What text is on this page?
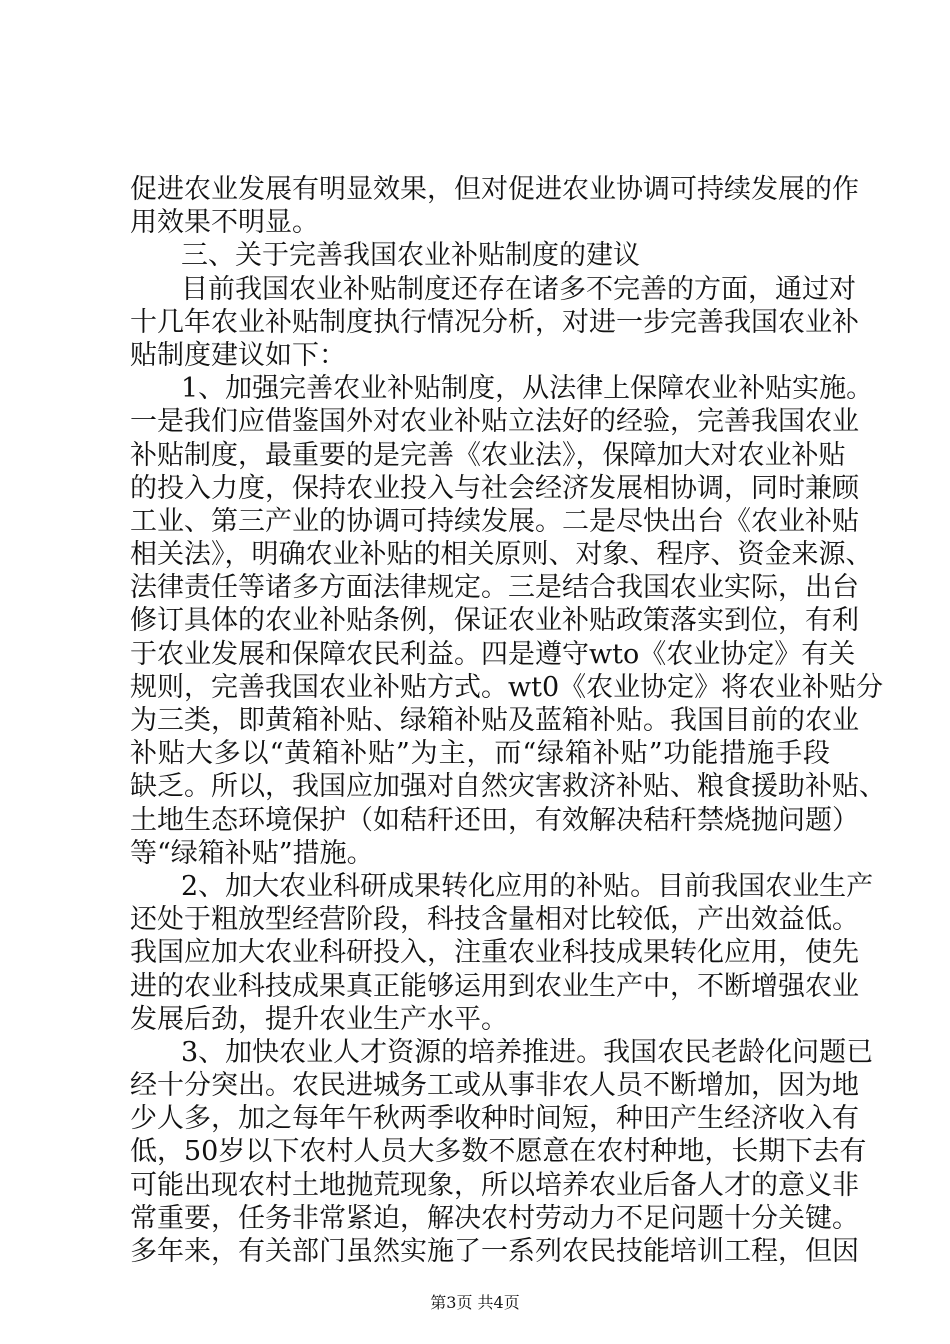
促进农业发展有明显效果，但对促进农业协调可持续发展的作
用效果不明显。
三、关于完善我国农业补贴制度的建议
目前我国农业补贴制度还存在诸多不完善的方面，通过对
十几年农业补贴制度执行情况分析，对进一步完善我国农业补
贴制度建议如下：
1、加强完善农业补贴制度，从法律上保障农业补贴实施。
一是我们应借鉴国外对农业补贴立法好的经验，完善我国农业
补贴制度，最重要的是完善《农业法》，保障加大对农业补贴
的投入力度，保持农业投入与社会经济发展相协调，同时兼顾
工业、第三产业的协调可持续发展。二是尽快出台《农业补贴
相关法》，明确农业补贴的相关原则、对象、程序、资金来源、
法律责任等诸多方面法律规定。三是结合我国农业实际，出台
修订具体的农业补贴条例，保证农业补贴政策落实到位，有利
于农业发展和保障农民利益。四是遵守wto《农业协定》有关
规则，完善我国农业补贴方式。wt0《农业协定》将农业补贴分
为三类，即黄箱补贴、绿箱补贴及蓝箱补贴。我国目前的农业
补贴大多以“黄箱补贴”为主，而“绿箱补贴”功能措施手段
缺乏。所以，我国应加强对自然灾害救济补贴、粮食援助补贴、
土地生态环境保护（如秸秆还田，有效解决秸秆禁烧抛问题）
等“绿箱补贴”措施。
2、加大农业科研成果转化应用的补贴。目前我国农业生产
还处于粗放型经营阶段，科技含量相对比较低，产出效益低。
我国应加大农业科研投入，注重农业科技成果转化应用，使先
进的农业科技成果真正能够运用到农业生产中，不断增强农业
发展后劲，提升农业生产水平。
3、加快农业人才资源的培养推进。我国农民老龄化问题已
经十分突出。农民进城务工或从事非农人员不断增加，因为地
少人多，加之每年午秋两季收种时间短，种田产生经济收入有
低，50岁以下农村人员大多数不愿意在农村种地，长期下去有
可能出现农村土地抛荒现象，所以培养农业后备人才的意义非
常重要，任务非常紧迫，解决农村劳动力不足问题十分关键。
多年来，有关部门虽然实施了一系列农民技能培训工程，但因
第3页 共4页
